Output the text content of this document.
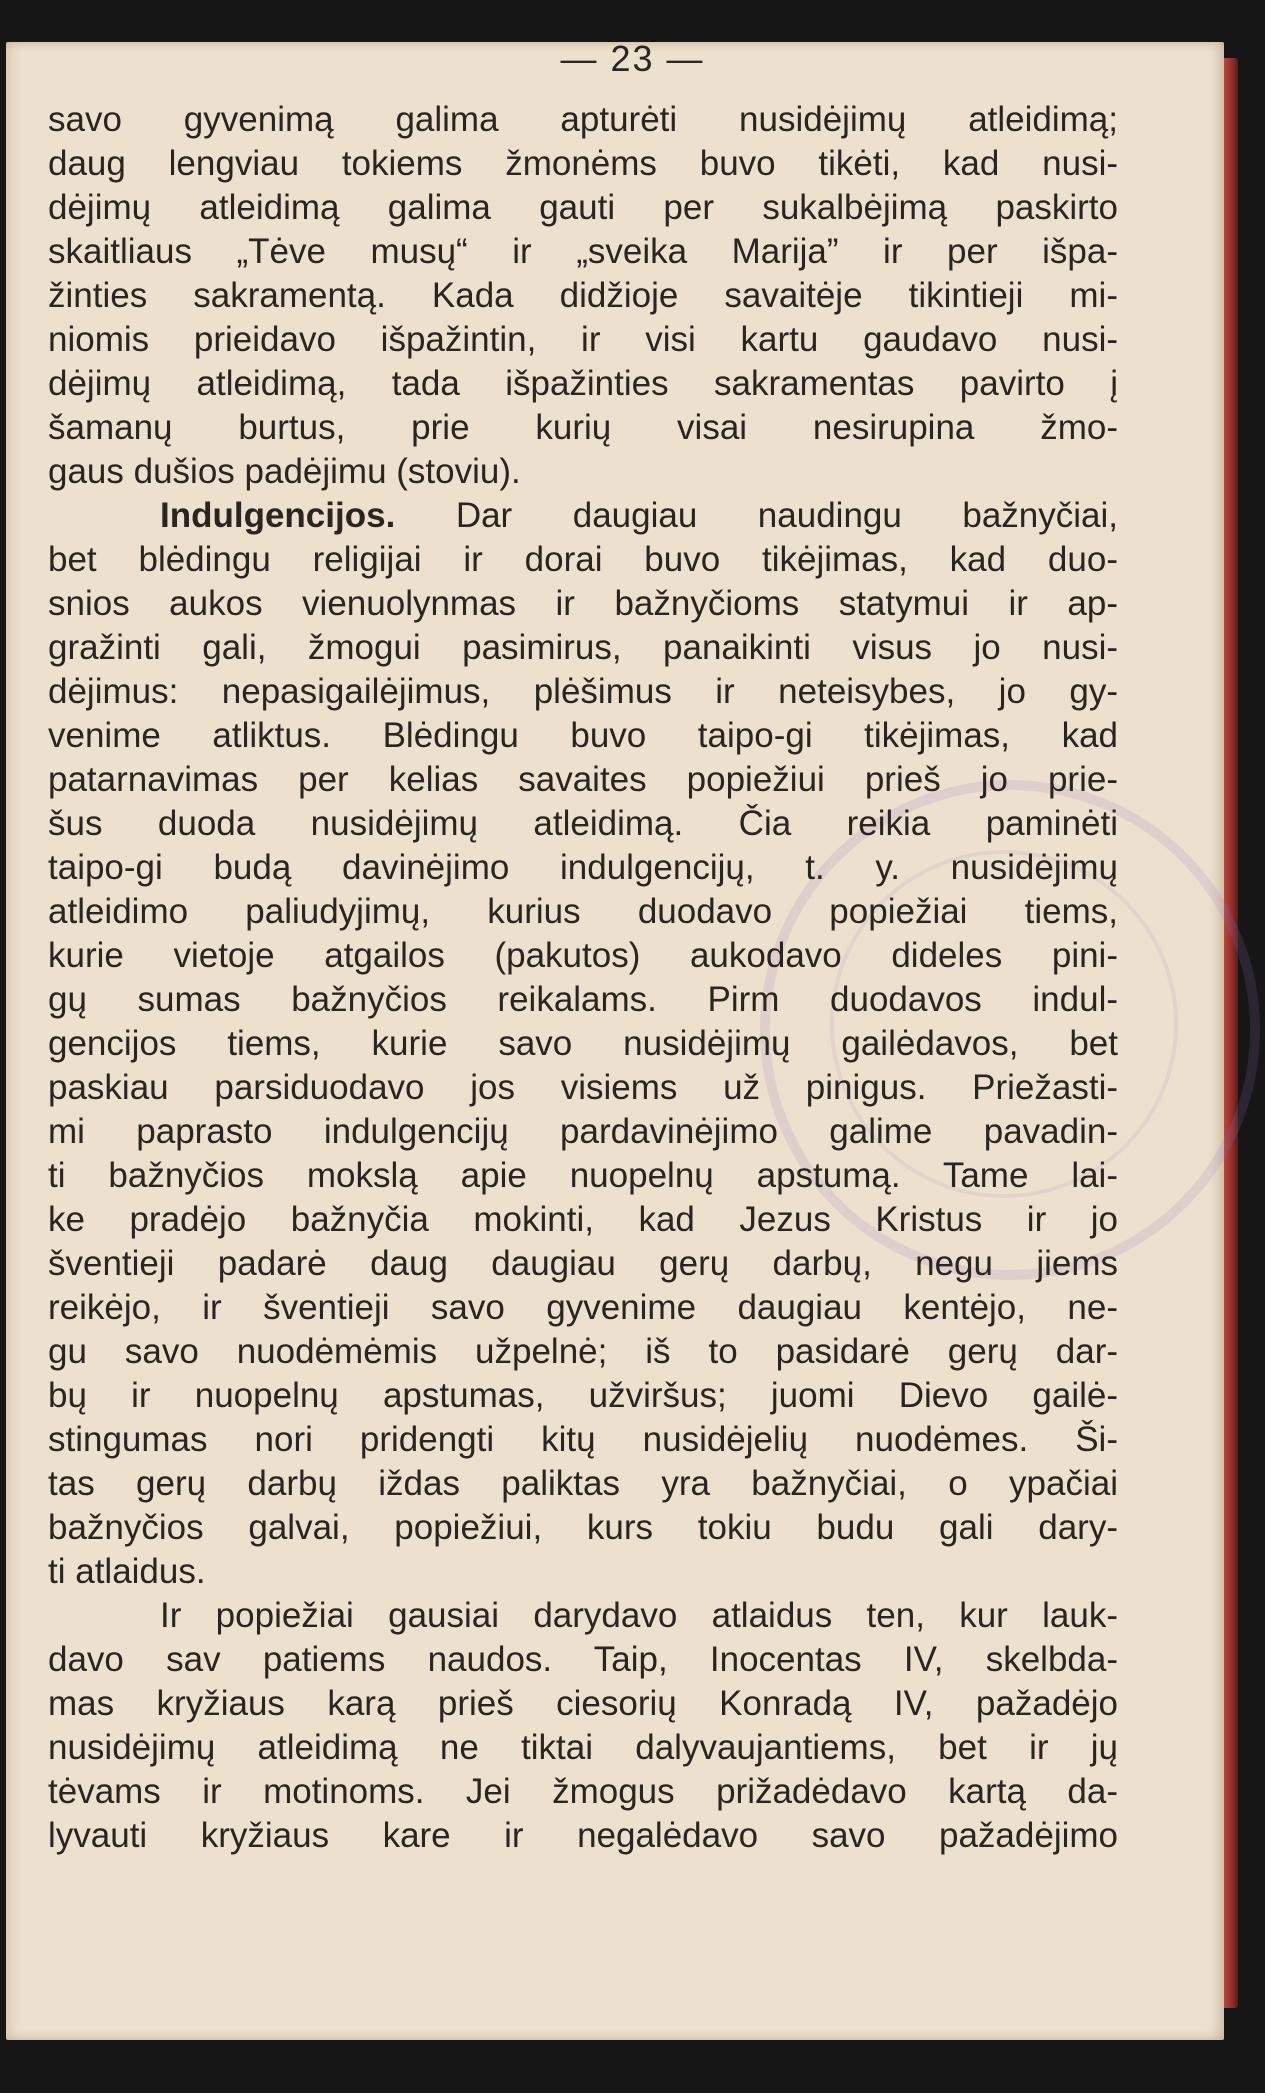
— 23 —
savo gyvenimą galima apturėti nusidėjimų atleidimą;
daug lengviau tokiems žmonėms buvo tikėti, kad nusi-
dėjimų atleidimą galima gauti per sukalbėjimą paskirto
skaitliaus „Tėve musų“ ir „sveika Marija” ir per išpa-
žinties sakramentą. Kada didžioje savaitėje tikintieji mi-
niomis prieidavo išpažintin, ir visi kartu gaudavo nusi-
dėjimų atleidimą, tada išpažinties sakramentas pavirto į
šamanų burtus, prie kurių visai nesirupina žmo-
gaus dušios padėjimu (stoviu).
Indulgencijos. Dar daugiau naudingu bažnyčiai,
bet blėdingu religijai ir dorai buvo tikėjimas, kad duo-
snios aukos vienuolynmas ir bažnyčioms statymui ir ap-
gražinti gali, žmogui pasimirus, panaikinti visus jo nusi-
dėjimus: nepasigailėjimus, plėšimus ir neteisybes, jo gy-
venime atliktus. Blėdingu buvo taipo-gi tikėjimas, kad
patarnavimas per kelias savaites popiežiui prieš jo prie-
šus duoda nusidėjimų atleidimą. Čia reikia paminėti
taipo-gi budą davinėjimo indulgencijų, t. y. nusidėjimų
atleidimo paliudyjimų, kurius duodavo popiežiai tiems,
kurie vietoje atgailos (pakutos) aukodavo dideles pini-
gų sumas bažnyčios reikalams. Pirm duodavos indul-
gencijos tiems, kurie savo nusidėjimų gailėdavos, bet
paskiau parsiduodavo jos visiems už pinigus. Priežasti-
mi paprasto indulgencijų pardavinėjimo galime pavadin-
ti bažnyčios mokslą apie nuopelnų apstumą. Tame lai-
ke pradėjo bažnyčia mokinti, kad Jezus Kristus ir jo
šventieji padarė daug daugiau gerų darbų, negu jiems
reikėjo, ir šventieji savo gyvenime daugiau kentėjo, ne-
gu savo nuodėmėmis užpelnė; iš to pasidarė gerų dar-
bų ir nuopelnų apstumas, užviršus; juomi Dievo gailė-
stingumas nori pridengti kitų nusidėjelių nuodėmes. Ši-
tas gerų darbų iždas paliktas yra bažnyčiai, o ypačiai
bažnyčios galvai, popiežiui, kurs tokiu budu gali dary-
ti atlaidus.
Ir popiežiai gausiai darydavo atlaidus ten, kur lauk-
davo sav patiems naudos. Taip, Inocentas IV, skelbda-
mas kryžiaus karą prieš ciesorių Konradą IV, pažadėjo
nusidėjimų atleidimą ne tiktai dalyvaujantiems, bet ir jų
tėvams ir motinoms. Jei žmogus prižadėdavo kartą da-
lyvauti kryžiaus kare ir negalėdavo savo pažadėjimo
